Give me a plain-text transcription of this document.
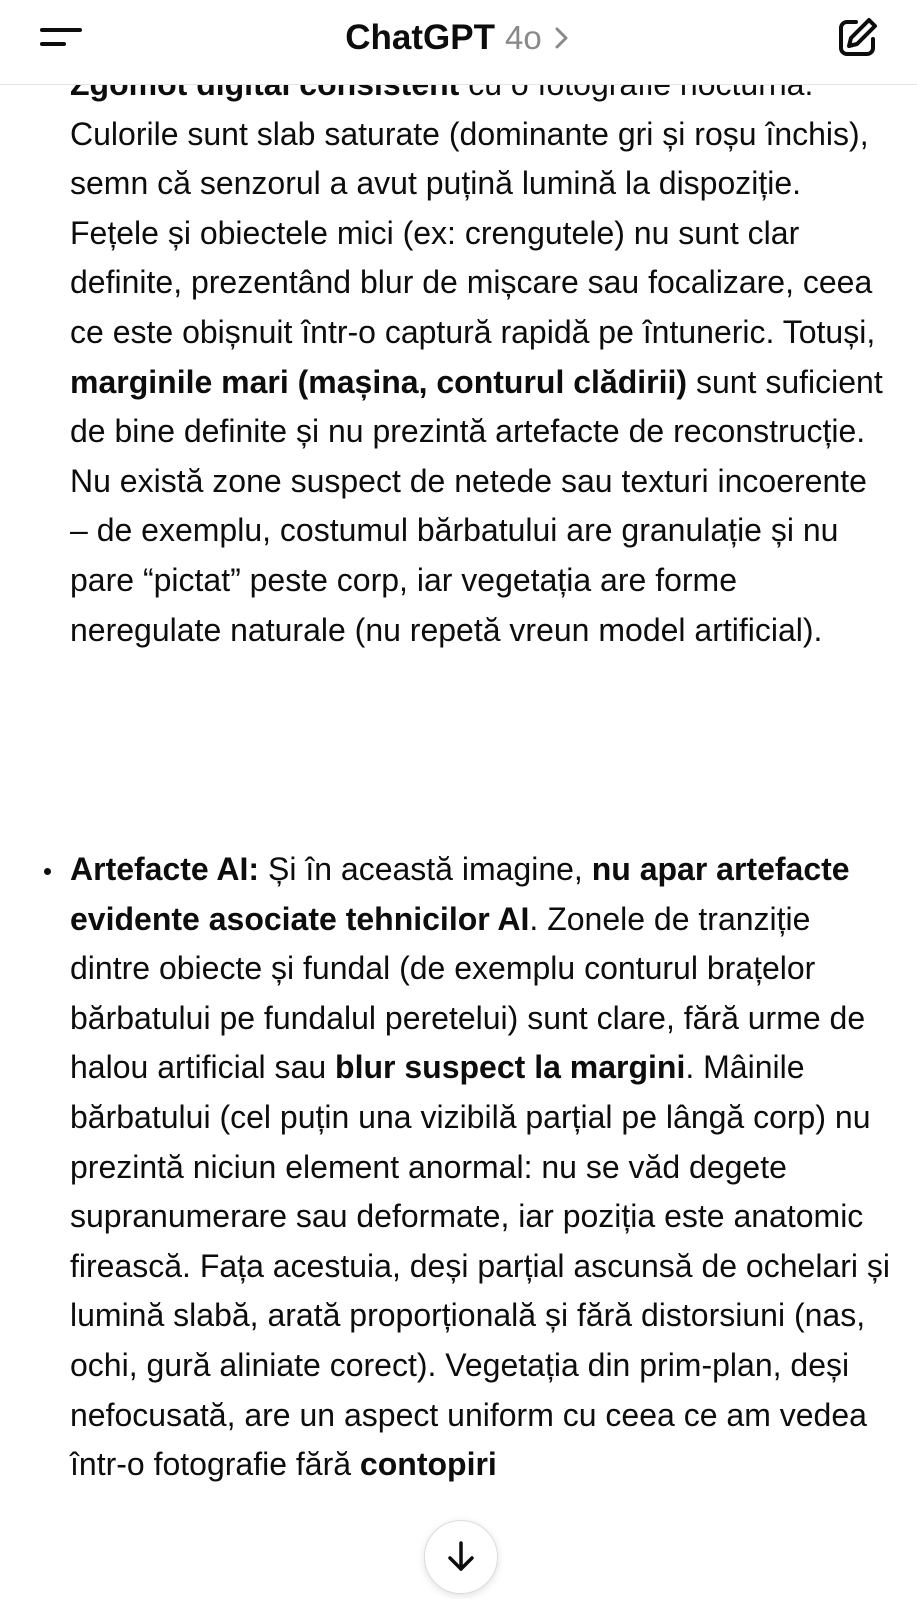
Culorile sunt slab saturate (dominante gri și roșu închis), semn că senzorul a avut puțină lumină la dispoziție. Fețele și obiectele mici (ex: crengutele) nu sunt clar definite, prezentând blur de mișcare sau focalizare, ceea ce este obișnuit într-o captură rapidă pe întuneric. Totuși, marginile mari (mașina, conturul clădirii) sunt suficient de bine definite și nu prezintă artefacte de reconstrucție. Nu există zone suspect de netede sau texturi incoerente – de exemplu, costumul bărbatului are granulație și nu pare “pictat” peste corp, iar vegetația are forme neregulate naturale (nu repetă vreun model artificial).

Artefacte AI: Și în această imagine, nu apar artefacte evidente asociate tehnicilor AI. Zonele de tranziție dintre obiecte și fundal (de exemplu conturul brațelor bărbatului pe fundalul peretelui) sunt clare, fără urme de halou artificial sau blur suspect la margini. Mâinile bărbatului (cel puțin una vizibilă parțial pe lângă corp) nu prezintă niciun element anormal: nu se văd degete supranumerare sau deformate, iar poziția este anatomic firească. Fața acestuia, deși parțial ascunsă de ochelari și lumină slabă, arată proporțională și fără distorsiuni (nas, ochi, gură aliniate corect). Vegetația din prim-plan, deși nefocusată, are un aspect uniform cu ceea ce am vedea într-o fotografie fără contopiri

ChatGPT 4o
